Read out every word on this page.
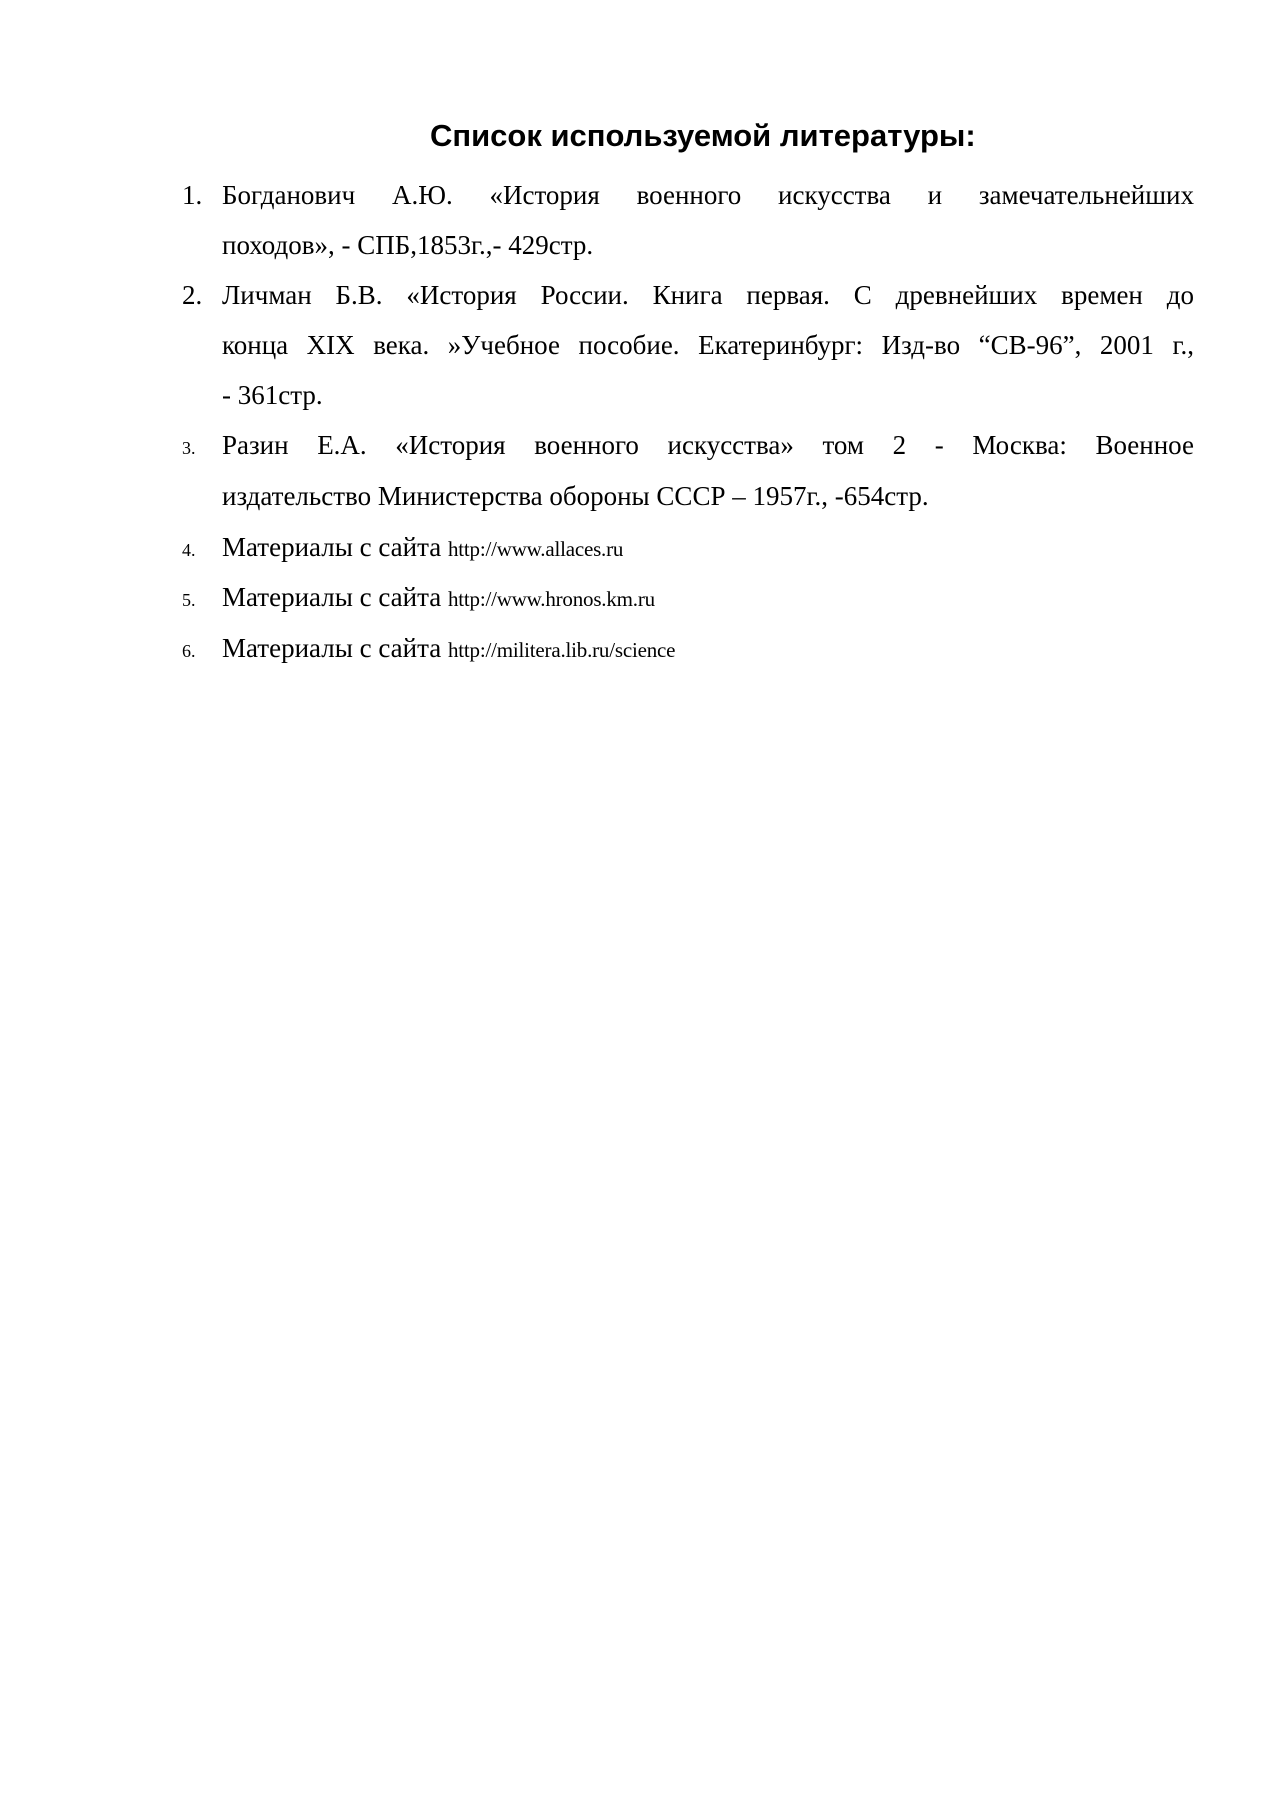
Список используемой литературы:
1. Богданович А.Ю. «История военного искусства и замечательнейших
походов», - СПБ,1853г.,- 429стр.
2. Личман Б.В. «История России. Книга первая. С древнейших времен до
конца XIX века. »Учебное пособие. Екатеринбург: Изд-во “СВ-96”, 2001 г.,
- 361стр.
3. Разин Е.А. «История военного искусства» том 2 - Москва: Военное
издательство Министерства обороны СССР – 1957г., -654стр.
4. Материалы с сайта http://www.allaces.ru
5. Материалы с сайта http://www.hronos.km.ru
6. Материалы с сайта http://militera.lib.ru/science
